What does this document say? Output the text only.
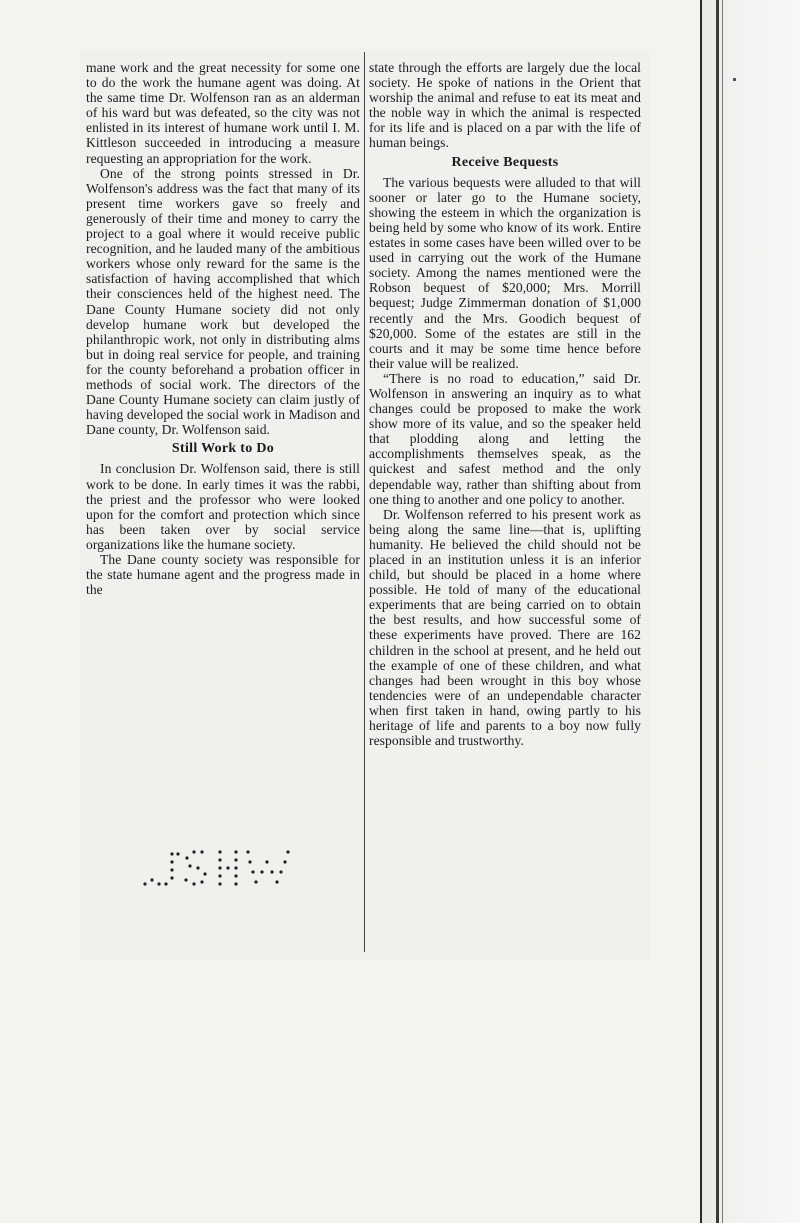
mane work and the great necessity for some one to do the work the humane agent was doing. At the same time Dr. Wolfenson ran as an alderman of his ward but was defeated, so the city was not enlisted in its interest of humane work until I. M. Kittleson succeeded in introducing a measure requesting an appropriation for the work.

One of the strong points stressed in Dr. Wolfenson's address was the fact that many of its present time workers gave so freely and generously of their time and money to carry the project to a goal where it would receive public recognition, and he lauded many of the ambitious workers whose only reward for the same is the satisfaction of having accomplished that which their consciences held of the highest need. The Dane County Humane society did not only develop humane work but developed the philanthropic work, not only in distributing alms but in doing real service for people, and training for the county beforehand a probation officer in methods of social work. The directors of the Dane County Humane society can claim justly of having developed the social work in Madison and Dane county, Dr. Wolfenson said.

Still Work to Do

In conclusion Dr. Wolfenson said, there is still work to be done. In early times it was the rabbi, the priest and the professor who were looked upon for the comfort and protection which since has been taken over by social service organizations like the humane society.

The Dane county society was responsible for the state humane agent and the progress made in the

state through the efforts are largely due the local society. He spoke of nations in the Orient that worship the animal and refuse to eat its meat and the noble way in which the animal is respected for its life and is placed on a par with the life of human beings.

Receive Bequests

The various bequests were alluded to that will sooner or later go to the Humane society, showing the esteem in which the organization is being held by some who know of its work. Entire estates in some cases have been willed over to be used in carrying out the work of the Humane society. Among the names mentioned were the Robson bequest of $20,000; Mrs. Morrill bequest; Judge Zimmerman donation of $1,000 recently and the Mrs. Goodich bequest of $20,000. Some of the estates are still in the courts and it may be some time hence before their value will be realized.

“There is no road to education,” said Dr. Wolfenson in answering an inquiry as to what changes could be proposed to make the work show more of its value, and so the speaker held that plodding along and letting the accomplishments themselves speak, as the quickest and safest method and the only dependable way, rather than shifting about from one thing to another and one policy to another.

Dr. Wolfenson referred to his present work as being along the same line—that is, uplifting humanity. He believed the child should not be placed in an institution unless it is an inferior child, but should be placed in a home where possible. He told of many of the educational experiments that are being carried on to obtain the best results, and how successful some of these experiments have proved. There are 162 children in the school at present, and he held out the example of one of these children, and what changes had been wrought in this boy whose tendencies were of an undependable character when first taken in hand, owing partly to his heritage of life and parents to a boy now fully responsible and trustworthy.
